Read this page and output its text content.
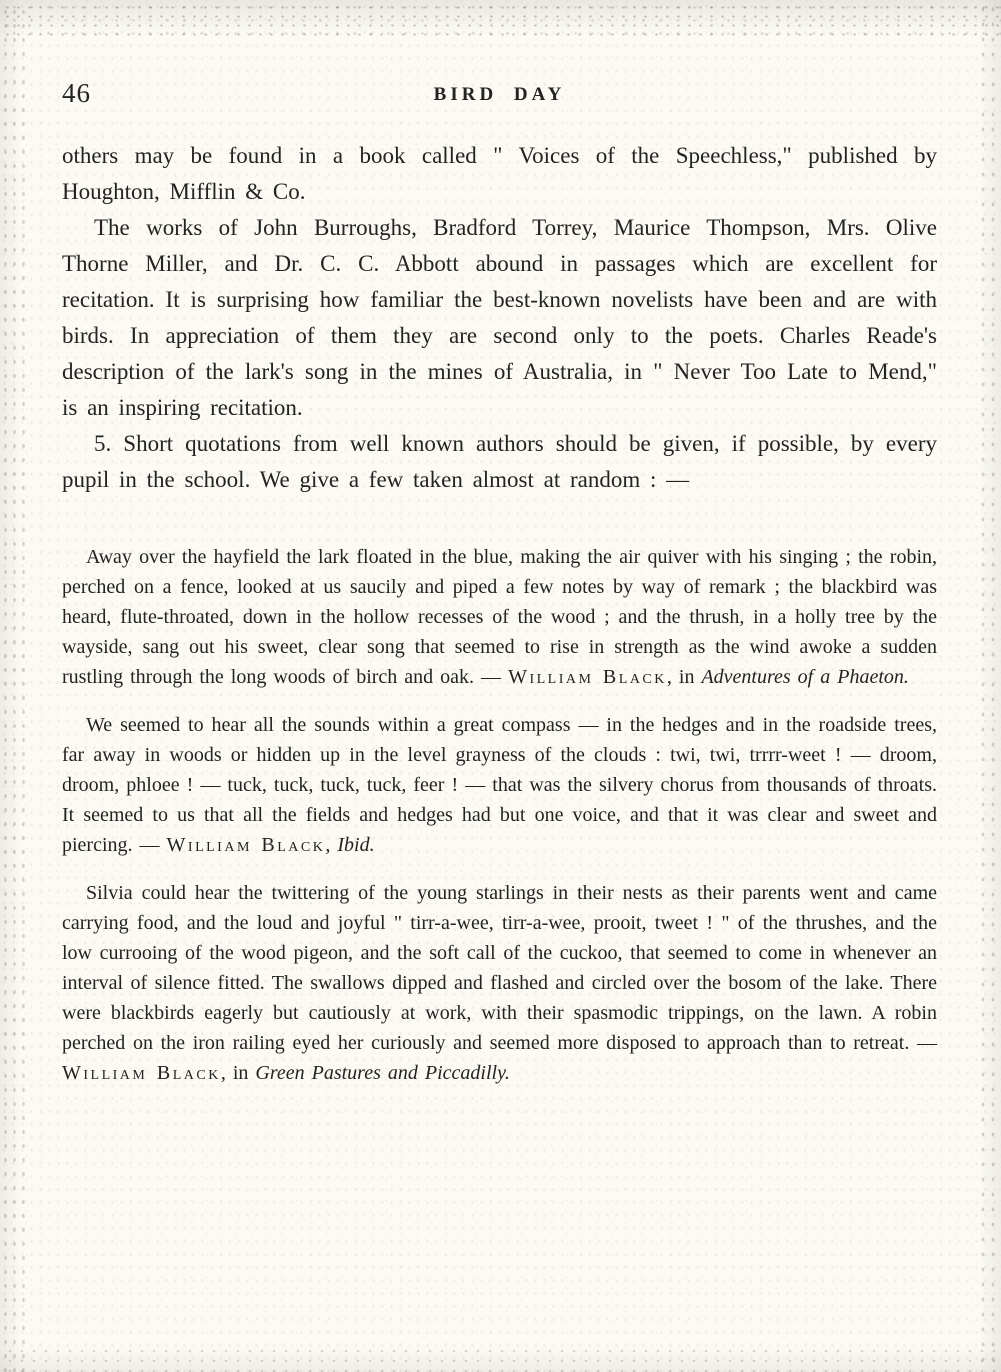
46	BIRD DAY

others may be found in a book called " Voices of the Speechless," published by Houghton, Mifflin & Co.

The works of John Burroughs, Bradford Torrey, Maurice Thompson, Mrs. Olive Thorne Miller, and Dr. C. C. Abbott abound in passages which are excellent for recitation. It is surprising how familiar the best-known novelists have been and are with birds. In appreciation of them they are second only to the poets. Charles Reade's description of the lark's song in the mines of Australia, in " Never Too Late to Mend," is an inspiring recitation.

5. Short quotations from well known authors should be given, if possible, by every pupil in the school. We give a few taken almost at random : —

Away over the hayfield the lark floated in the blue, making the air quiver with his singing ; the robin, perched on a fence, looked at us saucily and piped a few notes by way of remark ; the blackbird was heard, flute-throated, down in the hollow recesses of the wood ; and the thrush, in a holly tree by the wayside, sang out his sweet, clear song that seemed to rise in strength as the wind awoke a sudden rustling through the long woods of birch and oak. — William Black, in Adventures of a Phaeton.

We seemed to hear all the sounds within a great compass — in the hedges and in the roadside trees, far away in woods or hidden up in the level grayness of the clouds : twi, twi, trrrr-weet ! — droom, droom, phloee ! — tuck, tuck, tuck, tuck, feer ! — that was the silvery chorus from thousands of throats. It seemed to us that all the fields and hedges had but one voice, and that it was clear and sweet and piercing. — William Black, Ibid.

Silvia could hear the twittering of the young starlings in their nests as their parents went and came carrying food, and the loud and joyful " tirr-a-wee, tirr-a-wee, prooit, tweet ! " of the thrushes, and the low currooing of the wood pigeon, and the soft call of the cuckoo, that seemed to come in whenever an interval of silence fitted. The swallows dipped and flashed and circled over the bosom of the lake. There were blackbirds eagerly but cautiously at work, with their spasmodic trippings, on the lawn. A robin perched on the iron railing eyed her curiously and seemed more disposed to approach than to retreat. — William Black, in Green Pastures and Piccadilly.
